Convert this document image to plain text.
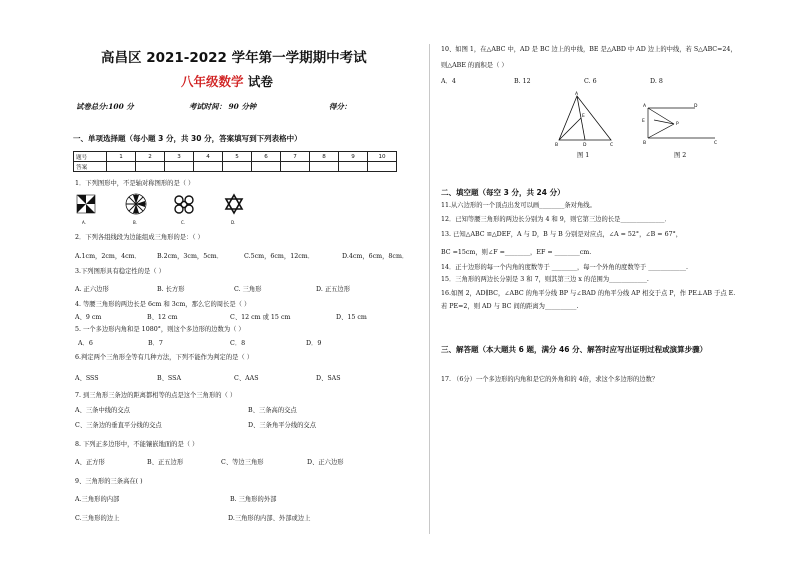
高昌区 2021-2022 学年第一学期期中考试
八年级数学 试卷
试卷总分:100 分	考试时间： 90 分钟	得分：
一、单项选择题（每小题 3 分，共 30 分，答案填写到下列表格中）
题号	1	2	3	4	5	6	7	8	9	10
答案										
1．下列图形中，不是轴对称图形的是（ ）
A.	B.	C.	D.
2．下列各组线段为边能组成三角形的是：（ ）
A.1cm，2cm，4cm．	B.2cm，3cm，5cm．	C.5cm，6cm，12cm．	D.4cm，6cm，8cm．
3.下列图形具有稳定性的是（ ）
A. 正六边形	B. 长方形	C. 三角形	D. 正五边形
4. 等腰三角形的两边长是 6cm 和 3cm，那么它的周长是（ ）
A、9 cm	B、12 cm	C、12 cm 或 15 cm	D、15 cm
5. 一个多边形内角和是 1080°，则这个多边形的边数为（ ）
A．6	B．7	C．8	D．9
6.判定两个三角形全等有几种方法，下列不能作为判定的是（ ）
A、SSS	B、SSA	C、AAS	D、SAS
7. 到三角形三条边的距离都相等的点是这个三角形的（ ）
A、三条中线的交点	B、三条高的交点
C、三条边的垂直平分线的交点	D、三条角平分线的交点
8. 下列正多边形中，不能镶嵌地面的是（ ）
A、正方形	B、正五边形	C、等边三角形	D、正六边形
9、三角形的三条高在( )
A.三角形的内部	B. 三角形的外部
C.三角形的边上	D.三角形的内部、外部或边上
10、如图 1，在△ABC 中，AD 是 BC 边上的中线，BE 是△ABD 中 AD 边上的中线，若 S△ABC=24，
则△ABE 的面积是（ ）
A．4	B. 12	C. 6	D. 8
A
E
B	D	C
图 1
A	D
P
E
B	C
图 2
二、填空题（每空 3 分，共 24 分）
11.从六边形的一个顶点出发可以画________条对角线。
12．已知等腰三角形的两边长分别为 4 和 9，则它第三边的长是______________．
13. 已知△ABC ≌△DEF，A 与 D，B 与 B 分别是对应点，∠A = 52°，∠B = 67°，
BC =15cm，则∠F =________，EF = ________cm.
14．正十边形的每一个内角的度数等于 ________，每一个外角的度数等于 ____________.
15．三角形的两边长分别是 3 和 7，则其第三边 x 的范围为____________.
16.如图 2，AD∥BC，∠ABC 的角平分线 BP 与∠BAD 的角平分线 AP 相交于点 P，作 PE⊥AB 于点 E.
若 PE=2，则 AD 与 BC 间的距离为__________.
三、解答题（本大题共 6 题，满分 46 分、解答时应写出证明过程或演算步骤）
17. （6分）一个多边形的内角和是它的外角和的 4倍，求这个多边形的边数？
